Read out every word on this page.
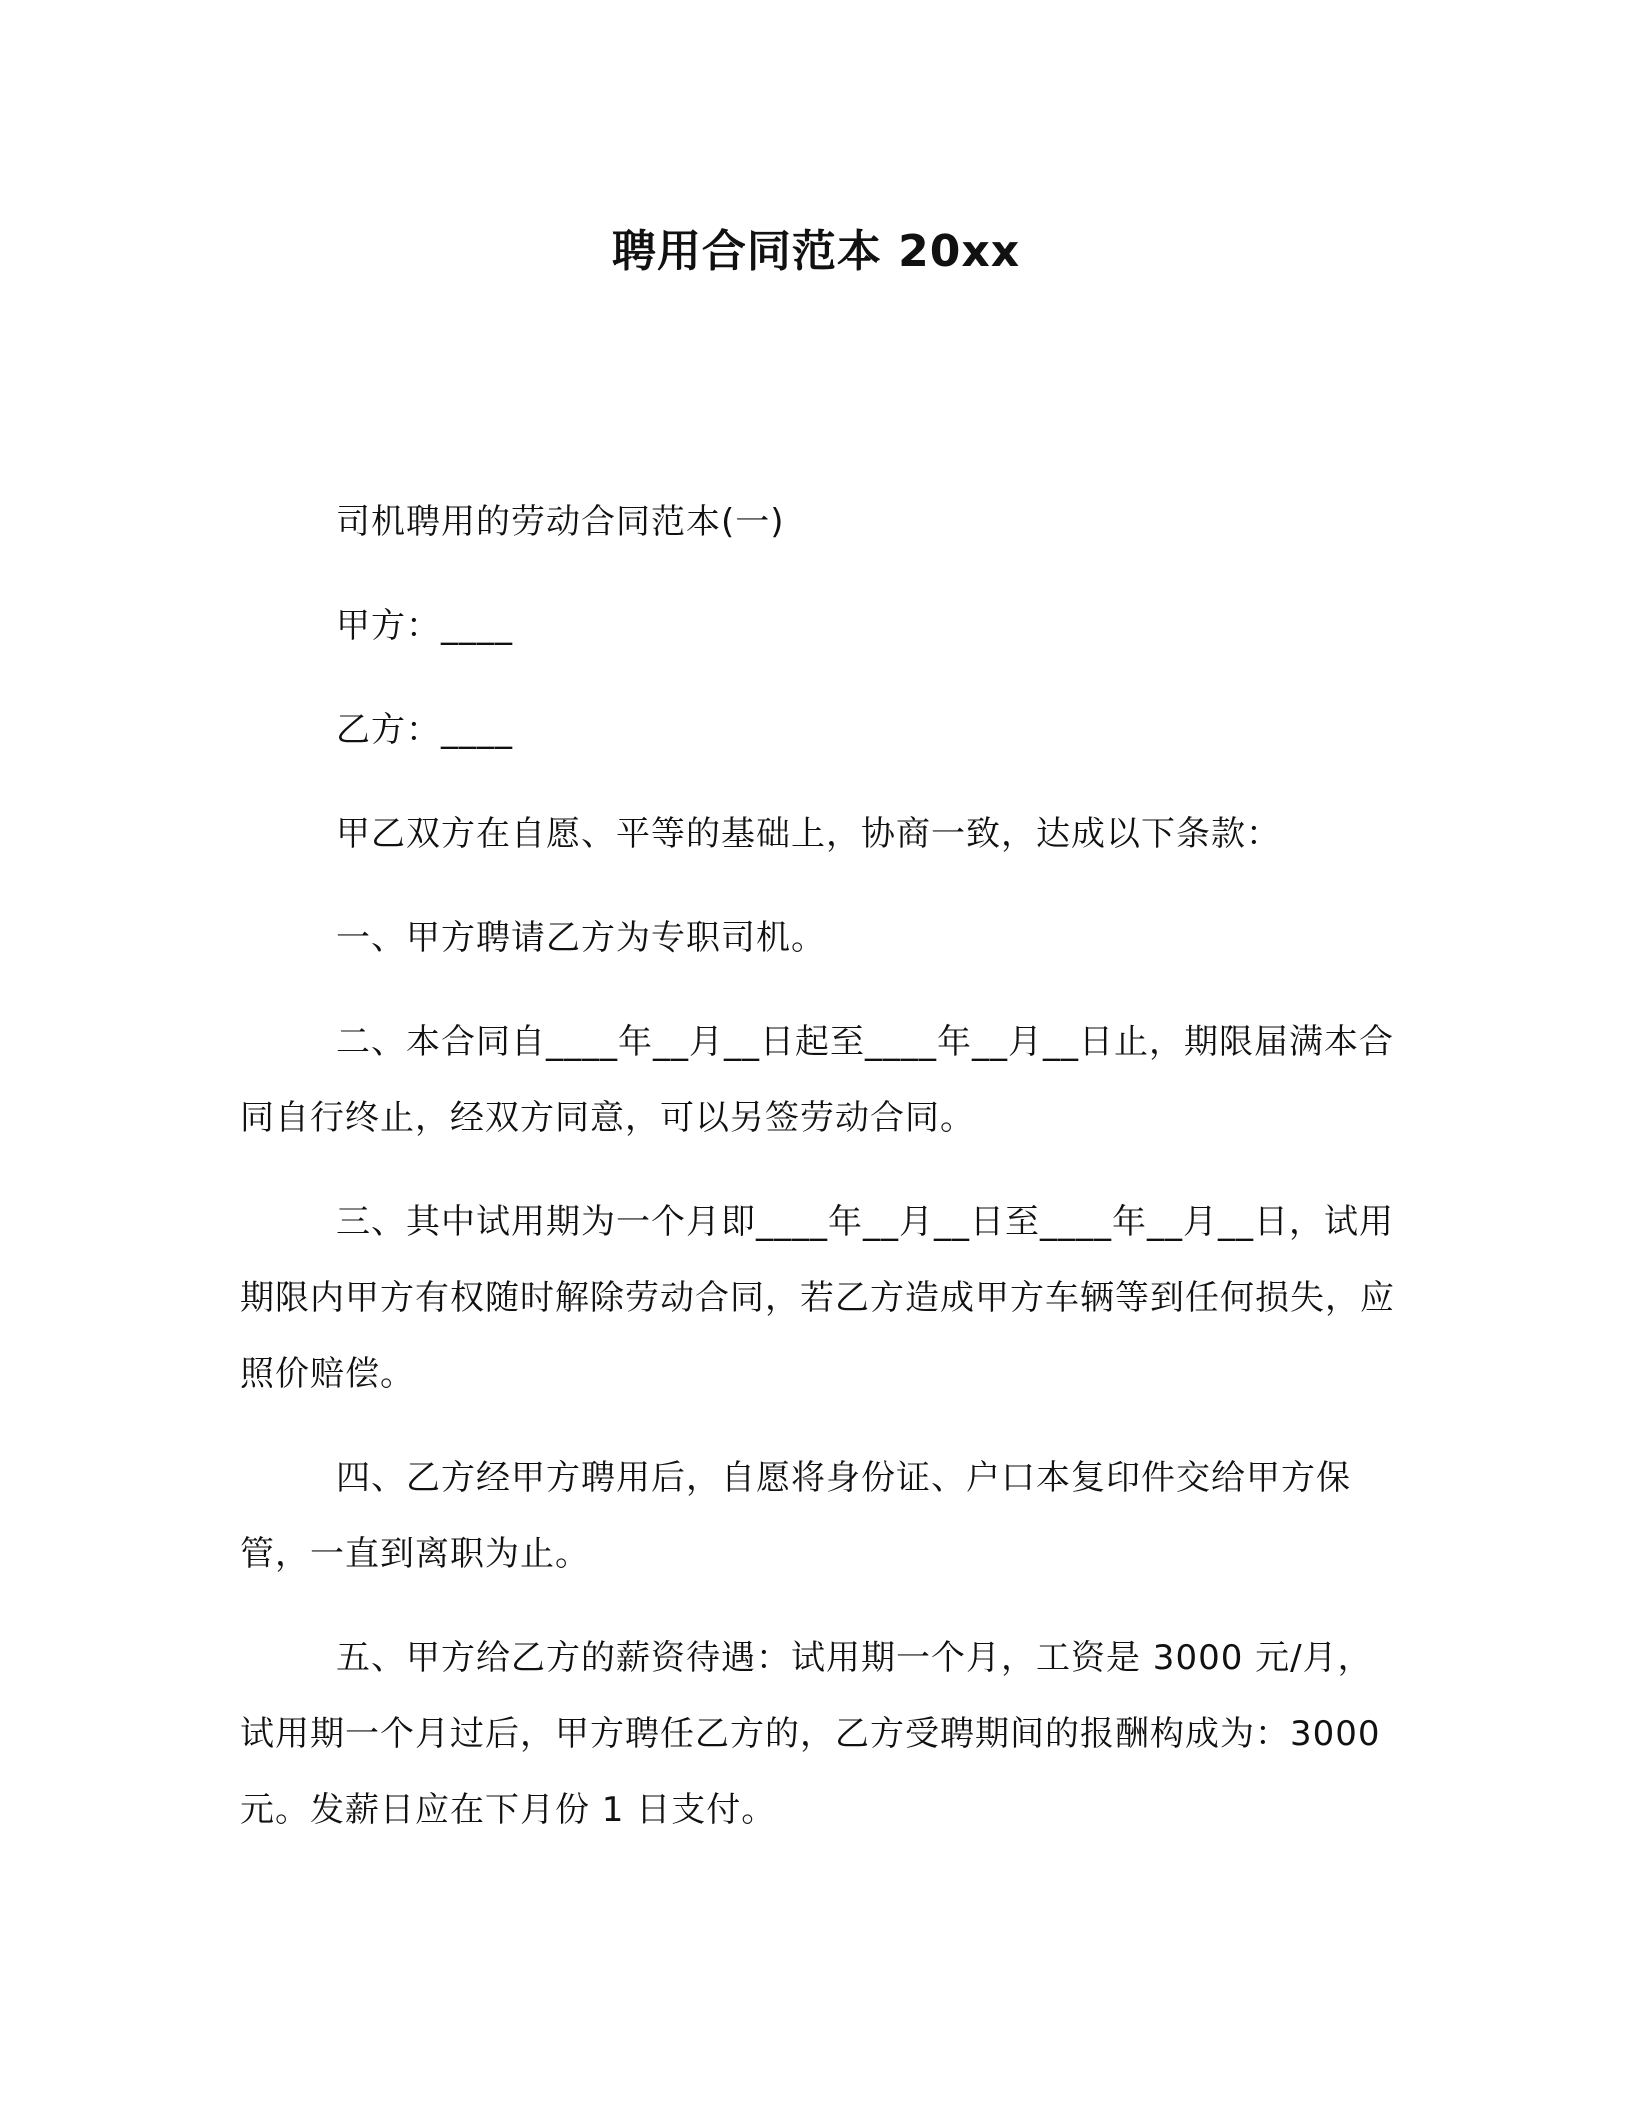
聘用合同范本 20xx

司机聘用的劳动合同范本(一)

甲方：____

乙方：____

甲乙双方在自愿、平等的基础上，协商一致，达成以下条款：

一、甲方聘请乙方为专职司机。

二、本合同自____年__月__日起至____年__月__日止，期限届满本合同自行终止，经双方同意，可以另签劳动合同。

三、其中试用期为一个月即____年__月__日至____年__月__日，试用期限内甲方有权随时解除劳动合同，若乙方造成甲方车辆等到任何损失，应照价赔偿。

四、乙方经甲方聘用后，自愿将身份证、户口本复印件交给甲方保管，一直到离职为止。

五、甲方给乙方的薪资待遇：试用期一个月，工资是 3000 元/月，试用期一个月过后，甲方聘任乙方的，乙方受聘期间的报酬构成为：3000 元。发薪日应在下月份 1 日支付。
